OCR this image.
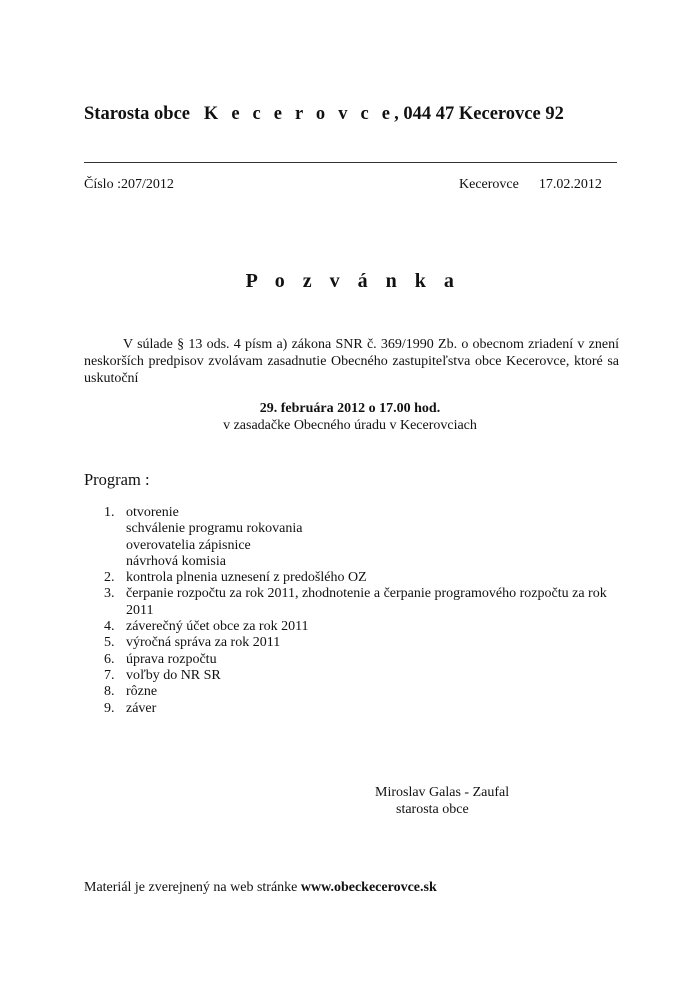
Starosta obce K e c e r o v c e, 044 47 Kecerovce 92
Číslo :207/2012	Kecerovce 17.02.2012
P o z v á n k a

V súlade § 13 ods. 4 písm a) zákona SNR č. 369/1990 Zb. o obecnom zriadení v znení neskorších predpisov zvolávam zasadnutie Obecného zastupiteľstva obce Kecerovce, ktoré sa uskutoční

29. februára 2012 o 17.00 hod.
v zasadačke Obecného úradu v Kecerovciach
Program :
1. otvorenie
schválenie programu rokovania
overovatelia zápisnice
návrhová komisia
2. kontrola plnenia uznesení z predošlého OZ
3. čerpanie rozpočtu za rok 2011, zhodnotenie a čerpanie programového rozpočtu za rok 2011
4. záverečný účet obce za rok 2011
5. výročná správa za rok 2011
6. úprava rozpočtu
7. voľby do NR SR
8. rôzne
9. záver
Miroslav Galas - Zaufal
starosta obce
Materiál je zverejnený na web stránke www.obeckecerovce.sk
